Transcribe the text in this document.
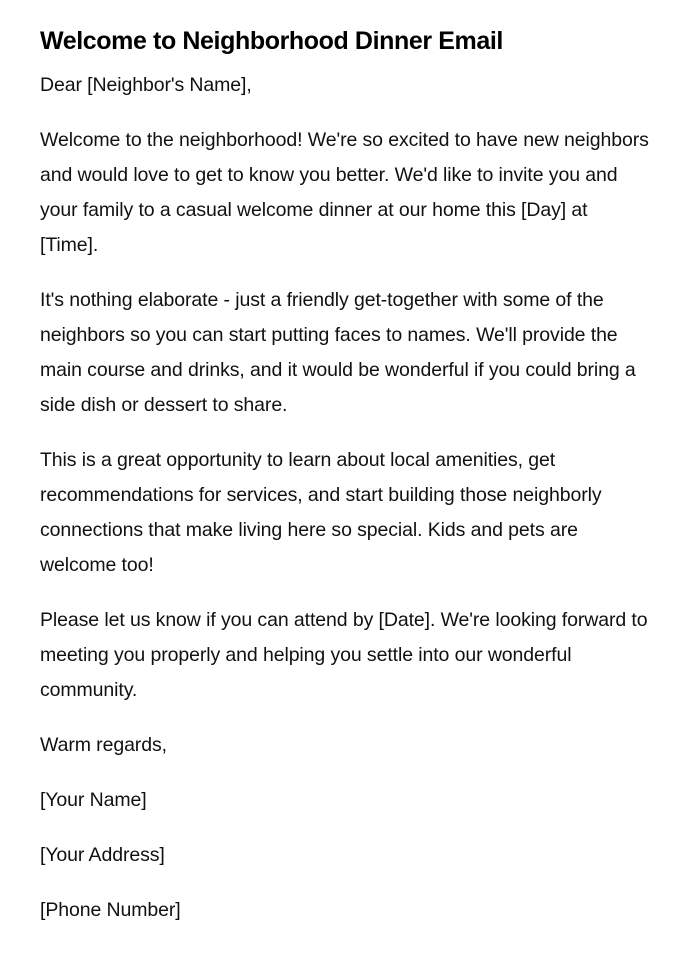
Welcome to Neighborhood Dinner Email

Dear [Neighbor's Name],

Welcome to the neighborhood! We're so excited to have new neighbors and would love to get to know you better. We'd like to invite you and your family to a casual welcome dinner at our home this [Day] at [Time].

It's nothing elaborate - just a friendly get-together with some of the neighbors so you can start putting faces to names. We'll provide the main course and drinks, and it would be wonderful if you could bring a side dish or dessert to share.

This is a great opportunity to learn about local amenities, get recommendations for services, and start building those neighborly connections that make living here so special. Kids and pets are welcome too!

Please let us know if you can attend by [Date]. We're looking forward to meeting you properly and helping you settle into our wonderful community.

Warm regards,

[Your Name]

[Your Address]

[Phone Number]
